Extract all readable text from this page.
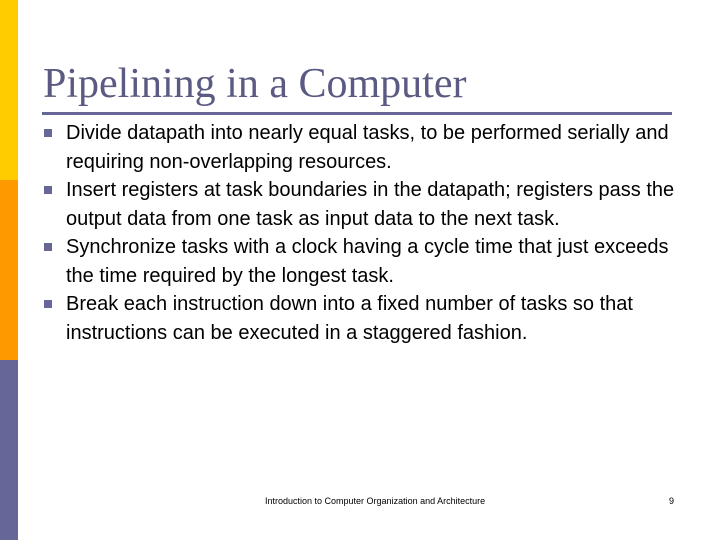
Pipelining in a Computer
Divide datapath into nearly equal tasks, to be performed serially and requiring non-overlapping resources.
Insert registers at task boundaries in the datapath; registers pass the output data from one task as input data to the next task.
Synchronize tasks with a clock having a cycle time that just exceeds the time required by the longest task.
Break each instruction down into a fixed number of tasks so that instructions can be executed in a staggered fashion.
Introduction to Computer Organization and Architecture	9
